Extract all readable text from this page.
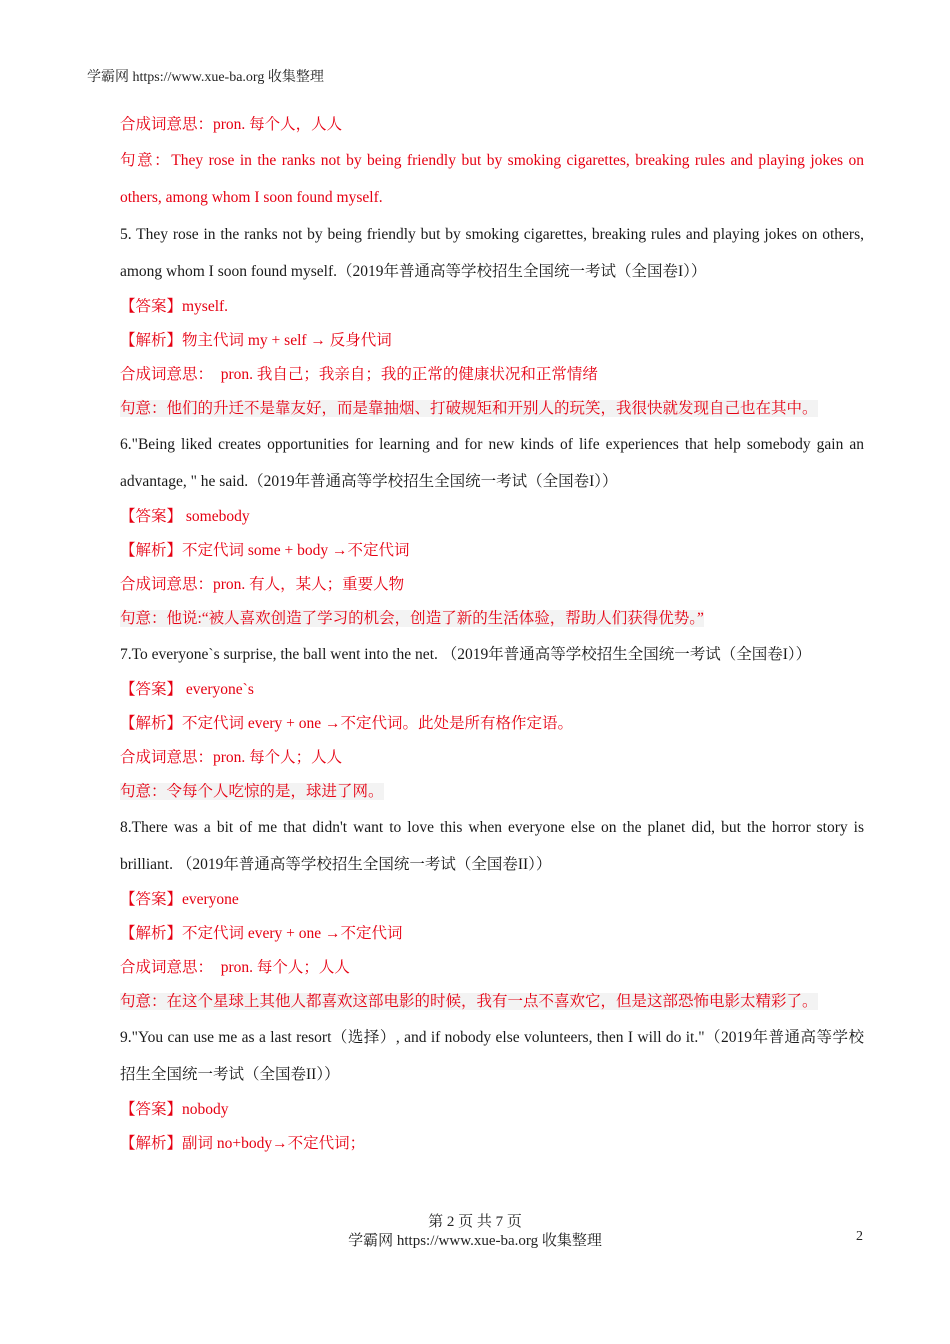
学霸网 https://www.xue-ba.org 收集整理
合成词意思：pron. 每个人，人人
句意：They rose in the ranks not by being friendly but by smoking cigarettes, breaking rules and playing jokes on others, among whom I soon found myself.
5. They rose in the ranks not by being friendly but by smoking cigarettes, breaking rules and playing jokes on others, among whom I soon found myself.（2019年普通高等学校招生全国统一考试（全国卷I））
【答案】myself.
【解析】物主代词 my + self → 反身代词
合成词意思：　pron. 我自己；我亲自；我的正常的健康状况和正常情绪
句意：他们的升迁不是靠友好，而是靠抽烟、打破规矩和开别人的玩笑，我很快就发现自己也在其中。
6."Being liked creates opportunities for learning and for new kinds of life experiences that help somebody gain an advantage, " he said.（2019年普通高等学校招生全国统一考试（全国卷I））
【答案】 somebody
【解析】不定代词 some + body →不定代词
合成词意思：pron. 有人，某人；重要人物
句意：他说:“被人喜欢创造了学习的机会，创造了新的生活体验，帮助人们获得优势。”
7.To everyone`s surprise, the ball went into the net. （2019年普通高等学校招生全国统一考试（全国卷I））
【答案】 everyone`s
【解析】不定代词 every + one →不定代词。此处是所有格作定语。
合成词意思：pron. 每个人；人人
句意：令每个人吃惊的是，球进了网。
8.There was a bit of me that didn't want to love this when everyone else on the planet did, but the horror story is brilliant. （2019年普通高等学校招生全国统一考试（全国卷II））
【答案】everyone
【解析】不定代词 every + one →不定代词
合成词意思：　pron. 每个人；人人
句意：在这个星球上其他人都喜欢这部电影的时候，我有一点不喜欢它，但是这部恐怖电影太精彩了。
9."You can use me as a last resort（选择）, and if nobody else volunteers, then I will do it."（2019年普通高等学校招生全国统一考试（全国卷II））
【答案】nobody
【解析】副词 no+body→不定代词；
第 2 页 共 7 页
学霸网 https://www.xue-ba.org 收集整理	2
